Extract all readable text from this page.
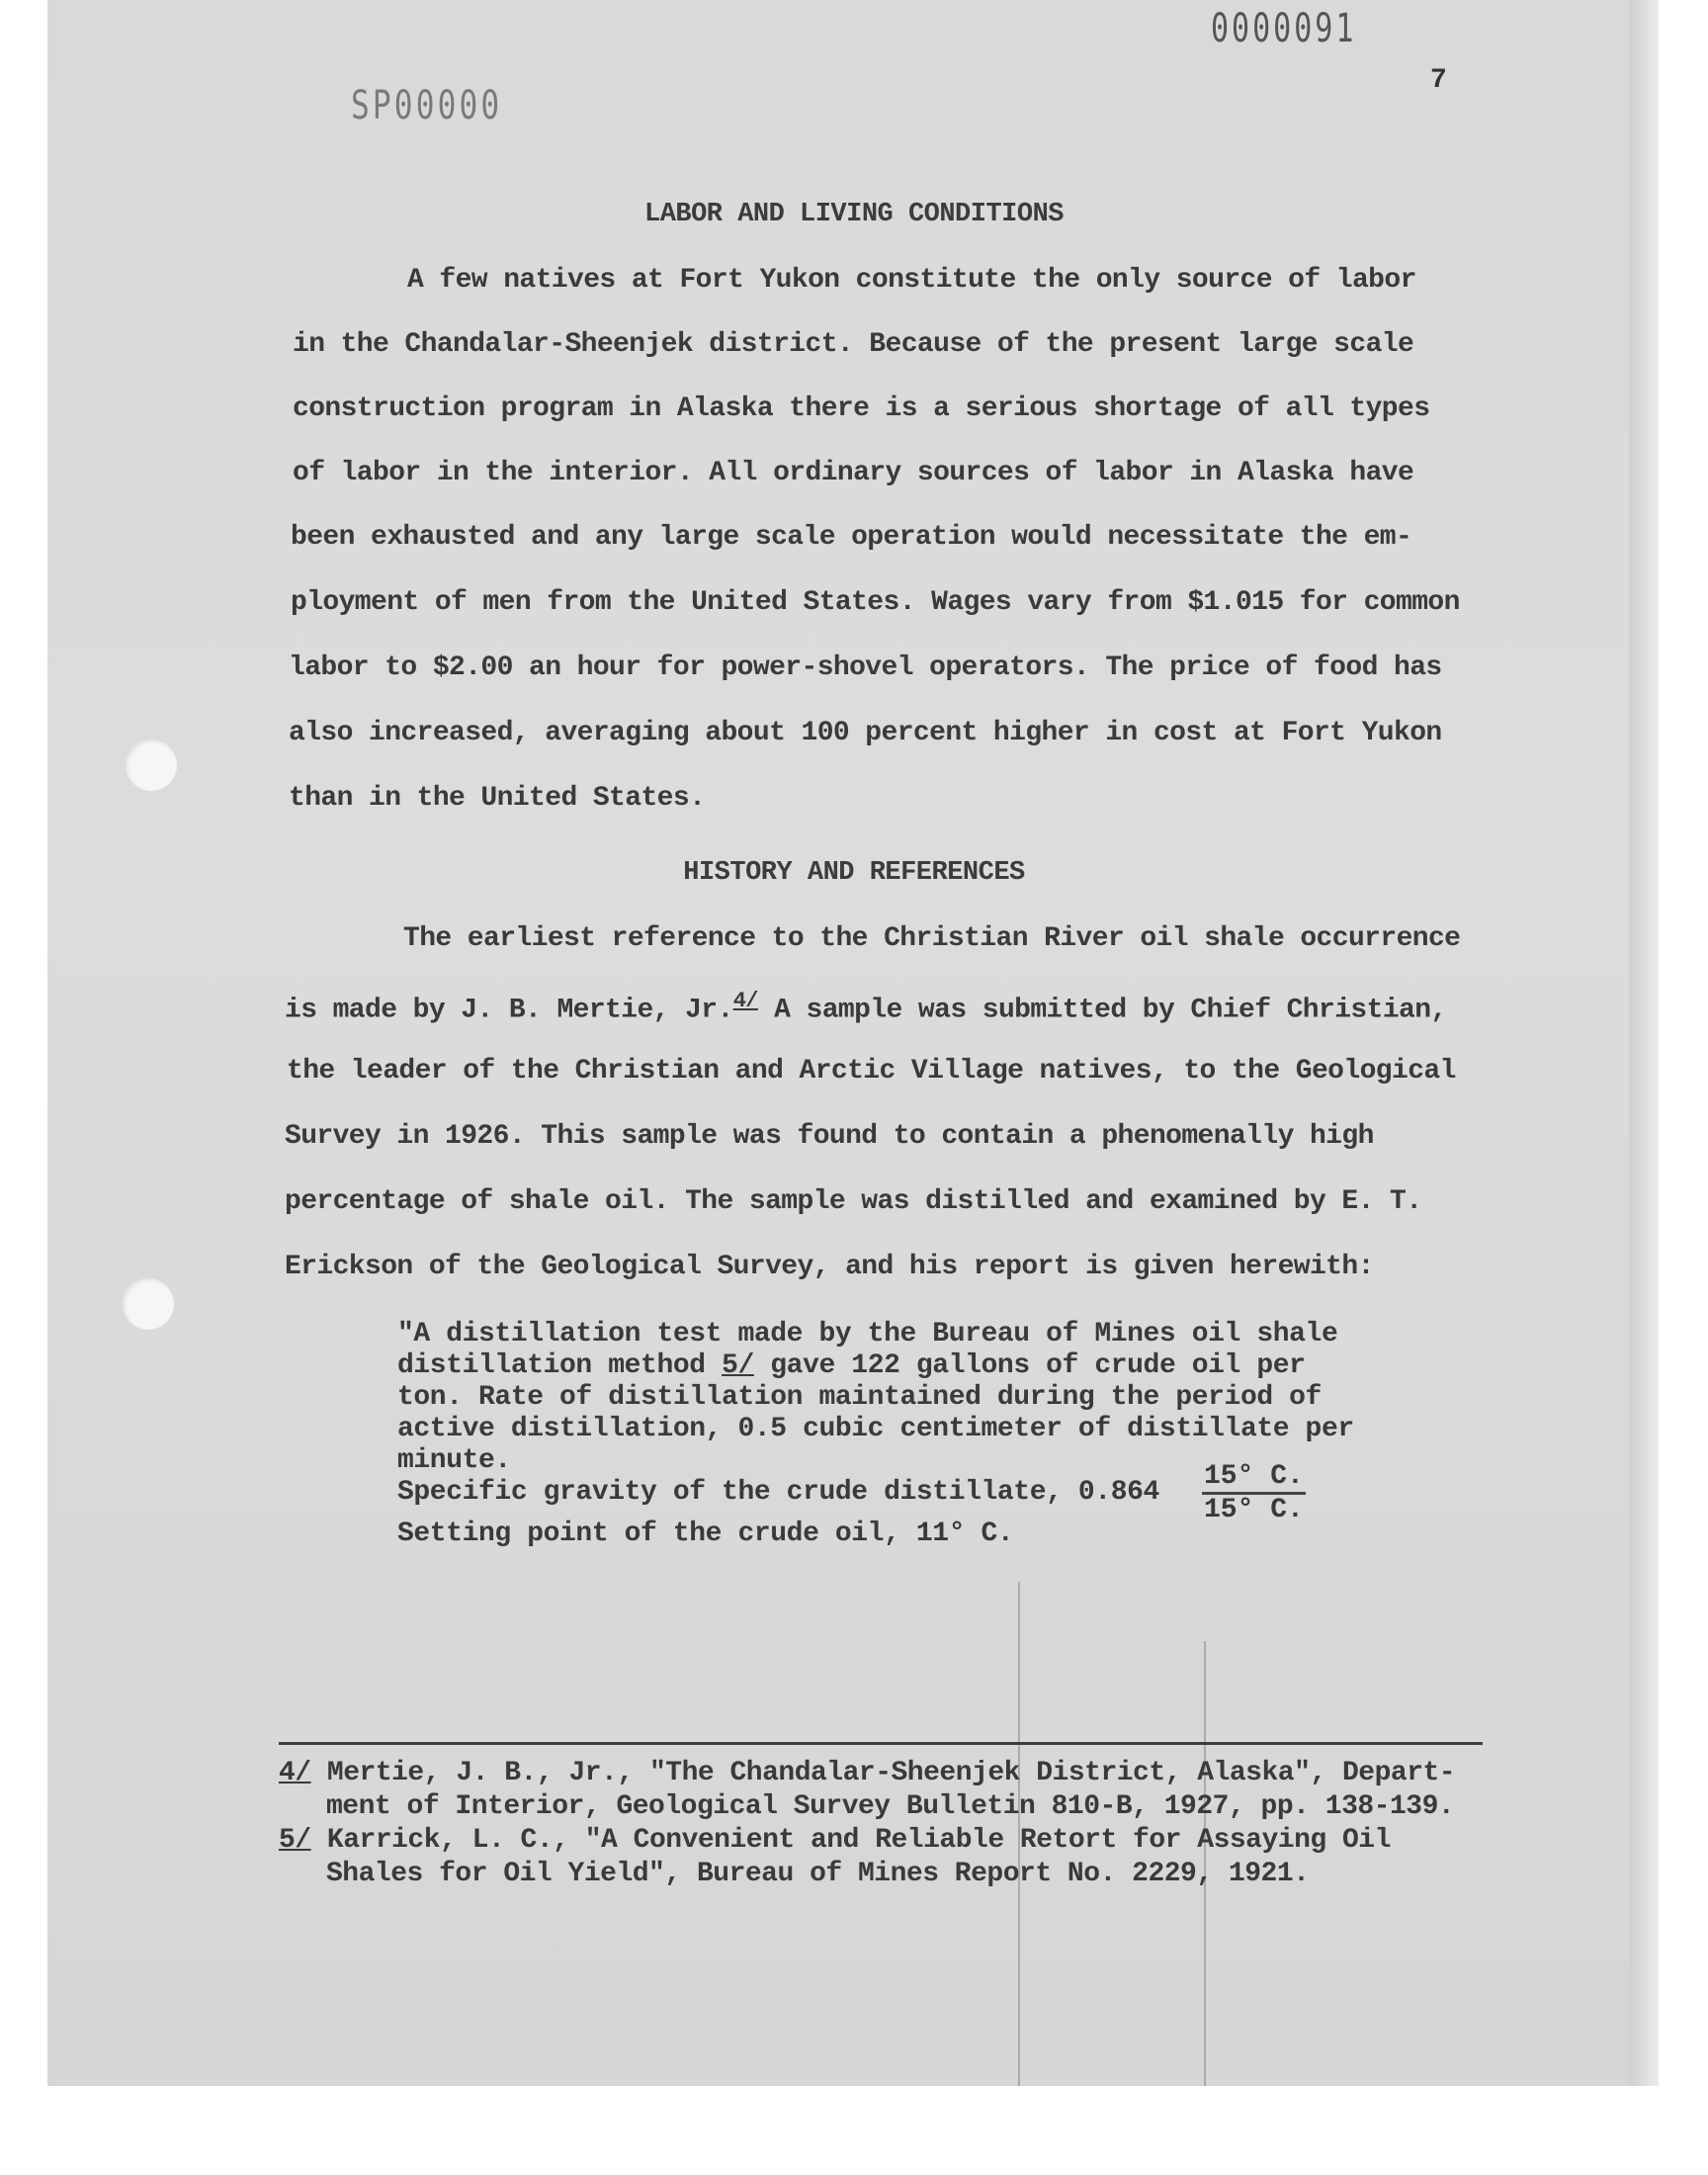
0000091
SP00000
7
LABOR AND LIVING CONDITIONS
A few natives at Fort Yukon constitute the only source of labor
in the Chandalar-Sheenjek district. Because of the present large scale
construction program in Alaska there is a serious shortage of all types
of labor in the interior. All ordinary sources of labor in Alaska have
been exhausted and any large scale operation would necessitate the em-
ployment of men from the United States. Wages vary from $1.015 for common
labor to $2.00 an hour for power-shovel operators. The price of food has
also increased, averaging about 100 percent higher in cost at Fort Yukon
than in the United States.
HISTORY AND REFERENCES
The earliest reference to the Christian River oil shale occurrence
is made by J. B. Mertie, Jr.$^{4/}$ A sample was submitted by Chief Christian,
the leader of the Christian and Arctic Village natives, to the Geological
Survey in 1926. This sample was found to contain a phenomenally high
percentage of shale oil. The sample was distilled and examined by E. T.
Erickson of the Geological Survey, and his report is given herewith:
"A distillation test made by the Bureau of Mines oil shale
distillation method 5/ gave 122 gallons of crude oil per
ton. Rate of distillation maintained during the period of
active distillation, 0.5 cubic centimeter of distillate per
minute.
Specific gravity of the crude distillate, $0.864 \frac{15^\circ C.}{15^\circ C.}$
Setting point of the crude oil, 11° C.
4/ Mertie, J. B., Jr., "The Chandalar-Sheenjek District, Alaska", Depart-
ment of Interior, Geological Survey Bulletin 810-B, 1927, pp. 138-139.
5/ Karrick, L. C., "A Convenient and Reliable Retort for Assaying Oil
Shales for Oil Yield", Bureau of Mines Report No. 2229, 1921.
